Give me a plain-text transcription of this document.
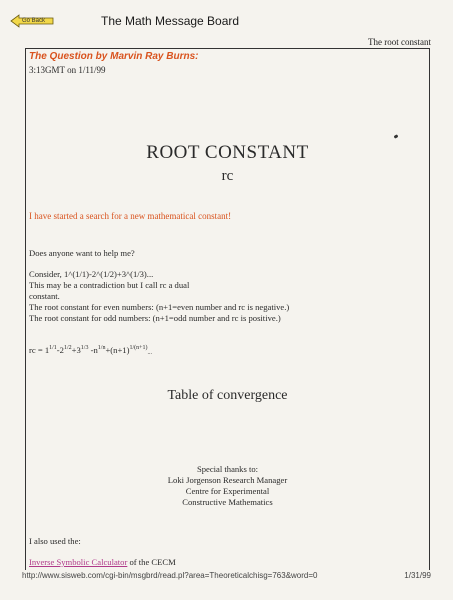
Go Back	The Math Message Board
The root constant
The Question by Marvin Ray Burns:
3:13GMT on 1/11/99
ROOT CONSTANT
rc
I have started a search for a new mathematical constant!
Does anyone want to help me?
Consider, 1^(1/1)-2^(1/2)+3^(1/3)...
This may be a contradiction but I call rc a dual
constant.
The root constant for even numbers: (n+1=even number and rc is negative.)
The root constant for odd numbers: (n+1=odd number and rc is positive.)
rc = $1^{1/1}-2^{1/2}+3^{1/3}$ $-n^{1/n}+(n+1)^{1/(n+1)}_{...}$
Table of convergence
Special thanks to:
Loki Jorgenson Research Manager
Centre for Experimental
Constructive Mathematics
I also used the:
Inverse Symbolic Calculator of the CECM
http://www.sisweb.com/cgi-bin/msgbrd/read.pl?area=Theoreticalchisg=763&word=0	1/31/99
